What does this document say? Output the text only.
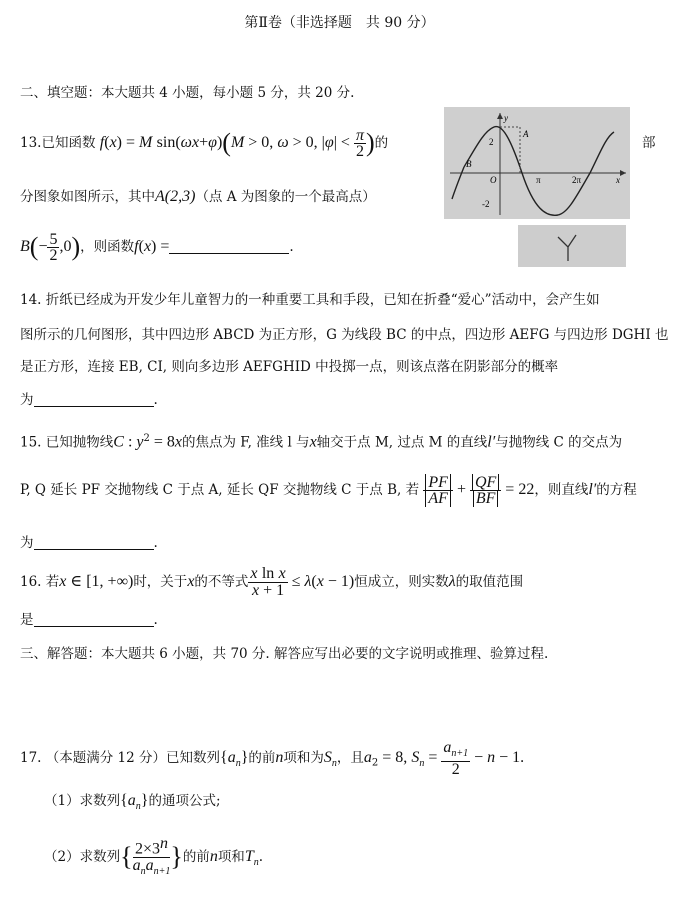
第Ⅱ卷（非选择题　共 90 分）
二、填空题：本大题共 4 小题，每小题 5 分，共 20 分.
13.已知函数 f(x) = M sin(ωx+φ)(M > 0, ω > 0, $|\varphi| < \frac{\pi}{2}$ )的	部
y
2
A
B
O	π	2π	x
-2
分图象如图所示，其中A(2,3)（点 A 为图象的一个最高点）
$B(- \frac{5}{2} ,0)$，则函数f(x) =	.
14. 折纸已经成为开发少年儿童智力的一种重要工具和手段，已知在折叠“爱心”活动中，会产生如
图所示的几何图形，其中四边形 ABCD 为正方形，G 为线段 BC 的中点，四边形 AEFG 与四边形 DGHI 也
是正方形，连接 EB, CI, 则向多边形 AEFGHID 中投掷一点，则该点落在阴影部分的概率
为	.
15. 已知抛物线C : $y^2 = 8x$的焦点为 F, 准线 l 与x轴交于点 M, 过点 M 的直线l′与抛物线 C 的交点为
P, Q 延长 PF 交抛物线 C 于点 A, 延长 QF 交抛物线 C 于点 B, 若 $\frac{PF}{AF} + \frac{QF}{BF} = 22$，则直线l′的方程
为	.
16. 若x ∈ [1, +∞)时，关于x的不等式 $\frac{\text{x ln x}}{x + 1} \le \lambda(x - 1)$恒成立，则实数λ的取值范围
是	.
三、解答题：本大题共 6 小题，共 70 分. 解答应写出必要的文字说明或推理、验算过程.
17. （本题满分 12 分）已知数列$\{a_n\}$的前n项和为$S_n$，且$a_2 = 8$, $S_n = \frac{a_{n+1}}{2} - n - 1$.
（1）求数列$\{a_n\}$的通项公式;
（2）求数列{ $\frac{2\times 3^n}{a_na_{n+1}}$ }的前n项和$T_n$.
